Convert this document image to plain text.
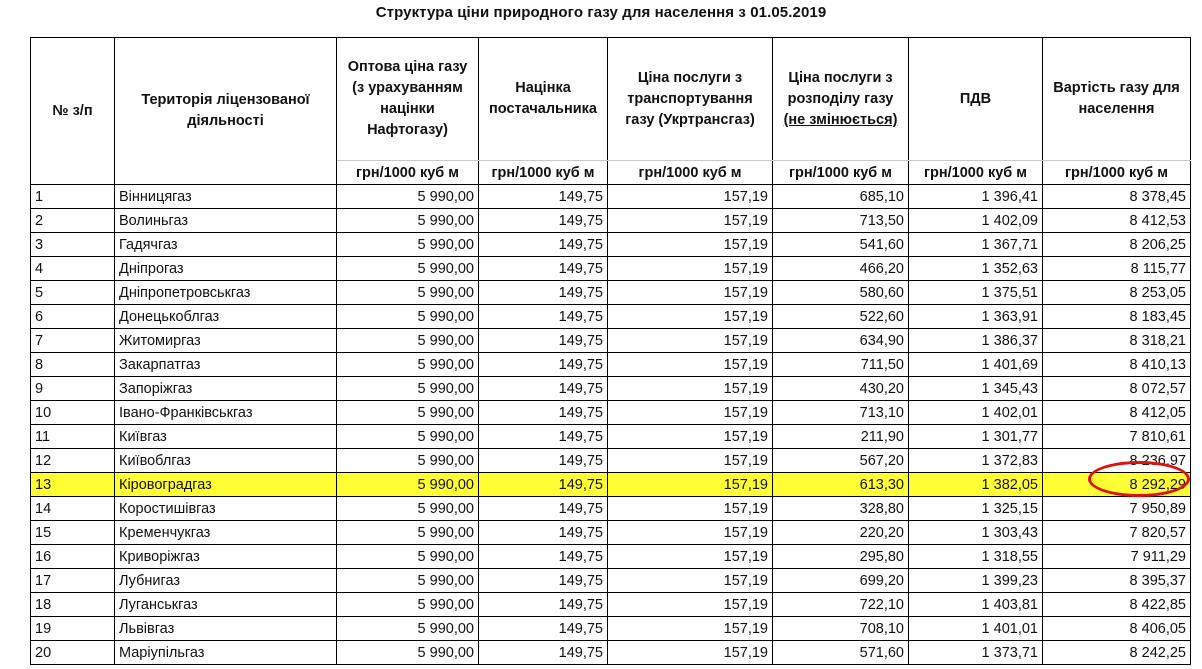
Структура ціни природного газу для населення з 01.05.2019
№ з/п	Територія ліцензованої діяльності	Оптова ціна газу (з урахуванням націнки Нафтогазу)	Націнка постачальника	Ціна послуги з транспортування газу (Укртрансгаз)	Ціна послуги з розподілу газу (не змінюється)	ПДВ	Вартість газу для населення
		грн/1000 куб м	грн/1000 куб м	грн/1000 куб м	грн/1000 куб м	грн/1000 куб м	грн/1000 куб м
1	Вінницягаз	5 990,00	149,75	157,19	685,10	1 396,41	8 378,45
2	Волиньгаз	5 990,00	149,75	157,19	713,50	1 402,09	8 412,53
3	Гадячгаз	5 990,00	149,75	157,19	541,60	1 367,71	8 206,25
4	Дніпрогаз	5 990,00	149,75	157,19	466,20	1 352,63	8 115,77
5	Дніпропетровськгаз	5 990,00	149,75	157,19	580,60	1 375,51	8 253,05
6	Донецькоблгаз	5 990,00	149,75	157,19	522,60	1 363,91	8 183,45
7	Житомиргаз	5 990,00	149,75	157,19	634,90	1 386,37	8 318,21
8	Закарпатгаз	5 990,00	149,75	157,19	711,50	1 401,69	8 410,13
9	Запоріжгаз	5 990,00	149,75	157,19	430,20	1 345,43	8 072,57
10	Івано-Франківськгаз	5 990,00	149,75	157,19	713,10	1 402,01	8 412,05
11	Київгаз	5 990,00	149,75	157,19	211,90	1 301,77	7 810,61
12	Київоблгаз	5 990,00	149,75	157,19	567,20	1 372,83	8 236,97
13	Кіровоградгаз	5 990,00	149,75	157,19	613,30	1 382,05	8 292,29
14	Коростишівгаз	5 990,00	149,75	157,19	328,80	1 325,15	7 950,89
15	Кременчукгаз	5 990,00	149,75	157,19	220,20	1 303,43	7 820,57
16	Криворіжгаз	5 990,00	149,75	157,19	295,80	1 318,55	7 911,29
17	Лубнигаз	5 990,00	149,75	157,19	699,20	1 399,23	8 395,37
18	Луганськгаз	5 990,00	149,75	157,19	722,10	1 403,81	8 422,85
19	Львівгаз	5 990,00	149,75	157,19	708,10	1 401,01	8 406,05
20	Маріупільгаз	5 990,00	149,75	157,19	571,60	1 373,71	8 242,25
